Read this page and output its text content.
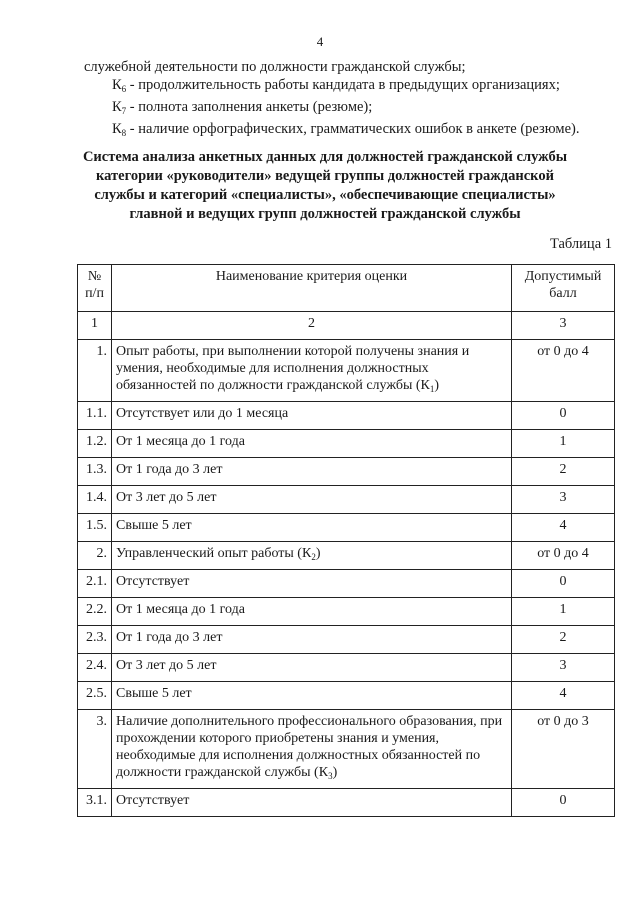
4

служебной деятельности по должности гражданской службы;

$К_6$ - продолжительность работы кандидата в предыдущих организациях;

$К_7$ - полнота заполнения анкеты (резюме);

$К_8$ - наличие орфографических, грамматических ошибок в анкете (резюме).

Система анализа анкетных данных для должностей гражданской службы категории «руководители» ведущей группы должностей гражданской службы и категорий «специалисты», «обеспечивающие специалисты» главной и ведущих групп должностей гражданской службы
Таблица 1
№ п/п	Наименование критерия оценки	Допустимый балл
1	2	3
1.	Опыт работы, при выполнении которой получены знания и умения, необходимые для исполнения должностных обязанностей по должности гражданской службы $(К_1)$	от 0 до 4
1.1.	Отсутствует или до 1 месяца	0
1.2.	От 1 месяца до 1 года	1
1.3.	От 1 года до 3 лет	2
1.4.	От 3 лет до 5 лет	3
1.5.	Свыше 5 лет	4
2.	Управленческий опыт работы $(К_2)$	от 0 до 4
2.1.	Отсутствует	0
2.2.	От 1 месяца до 1 года	1
2.3.	От 1 года до 3 лет	2
2.4.	От 3 лет до 5 лет	3
2.5.	Свыше 5 лет	4
3.	Наличие дополнительного профессионального образования, при прохождении которого приобретены знания и умения, необходимые для исполнения должностных обязанностей по должности гражданской службы $(К_3)$	от 0 до 3
3.1.	Отсутствует	0
